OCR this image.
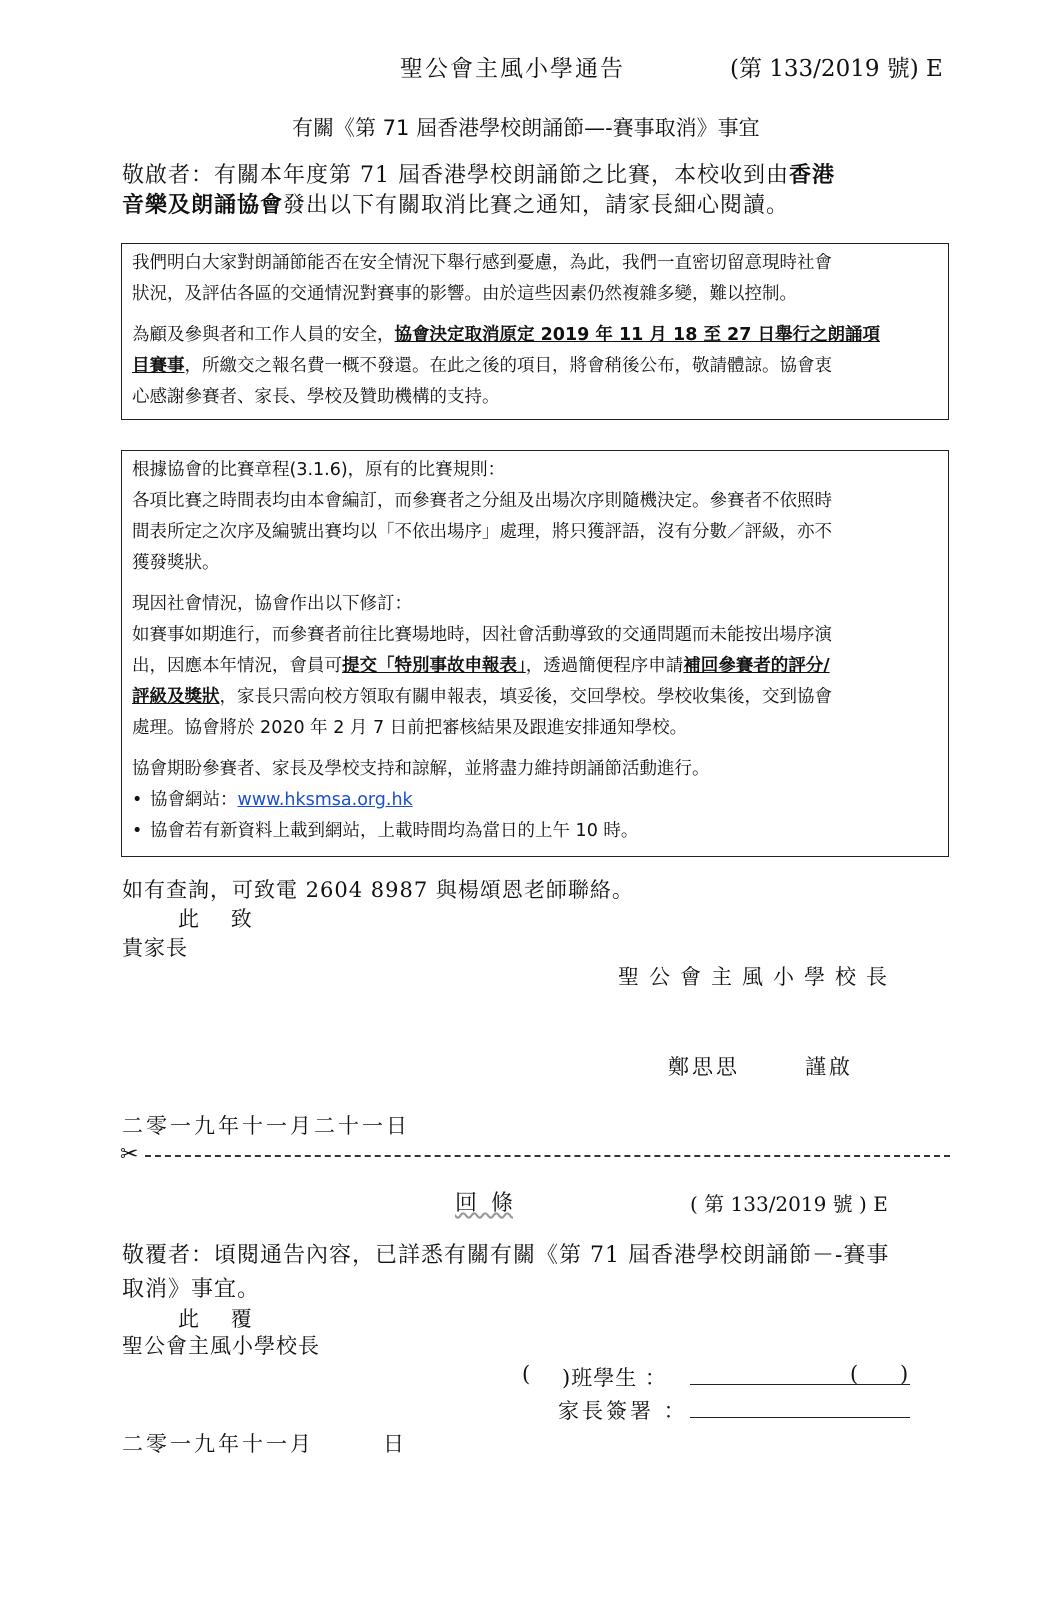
聖公會主風小學通告	(第 133/2019 號) E
有關《第 71 屆香港學校朗誦節—-賽事取消》事宜
敬啟者：有關本年度第 71 屆香港學校朗誦節之比賽，本校收到由香港
音樂及朗誦協會發出以下有關取消比賽之通知，請家長細心閱讀。

我們明白大家對朗誦節能否在安全情況下舉行感到憂慮，為此，我們一直密切留意現時社會

狀況，及評估各區的交通情況對賽事的影響。由於這些因素仍然複雜多變，難以控制。

為顧及參與者和工作人員的安全，協會決定取消原定 2019 年 11 月 18 至 27 日舉行之朗誦項

目賽事，所繳交之報名費一概不發還。在此之後的項目，將會稍後公布，敬請體諒。協會衷

心感謝參賽者、家長、學校及贊助機構的支持。

根據協會的比賽章程(3.1.6)，原有的比賽規則：

各項比賽之時間表均由本會編訂，而參賽者之分組及出場次序則隨機決定。參賽者不依照時

間表所定之次序及編號出賽均以「不依出場序」處理，將只獲評語，沒有分數／評級，亦不

獲發獎狀。

現因社會情況，協會作出以下修訂：

如賽事如期進行，而參賽者前往比賽場地時，因社會活動導致的交通問題而未能按出場序演

出，因應本年情況，會員可提交「特別事故申報表」，透過簡便程序申請補回參賽者的評分/

評級及獎狀，家長只需向校方領取有關申報表，填妥後，交回學校。學校收集後，交到協會

處理。協會將於 2020 年 2 月 7 日前把審核結果及跟進安排通知學校。

協會期盼參賽者、家長及學校支持和諒解，並將盡力維持朗誦節活動進行。

• 協會網站：www.hksmsa.org.hk

• 協會若有新資料上載到網站，上載時間均為當日的上午 10 時。

如有查詢，可致電 2604 8987 與楊頌恩老師聯絡。
此    致
貴家長
聖公會主風小學校長
鄭思思	謹啟
二零一九年十一月二十一日
✂
回  條	( 第 133/2019 號 ) E
敬覆者：頃閱通告內容，已詳悉有關有關《第 71 屆香港學校朗誦節－-賽事
取消》事宜。
此    覆
聖公會主風小學校長
( )班學生 ：	( )
家長簽署 ：
二零一九年十一月	日
